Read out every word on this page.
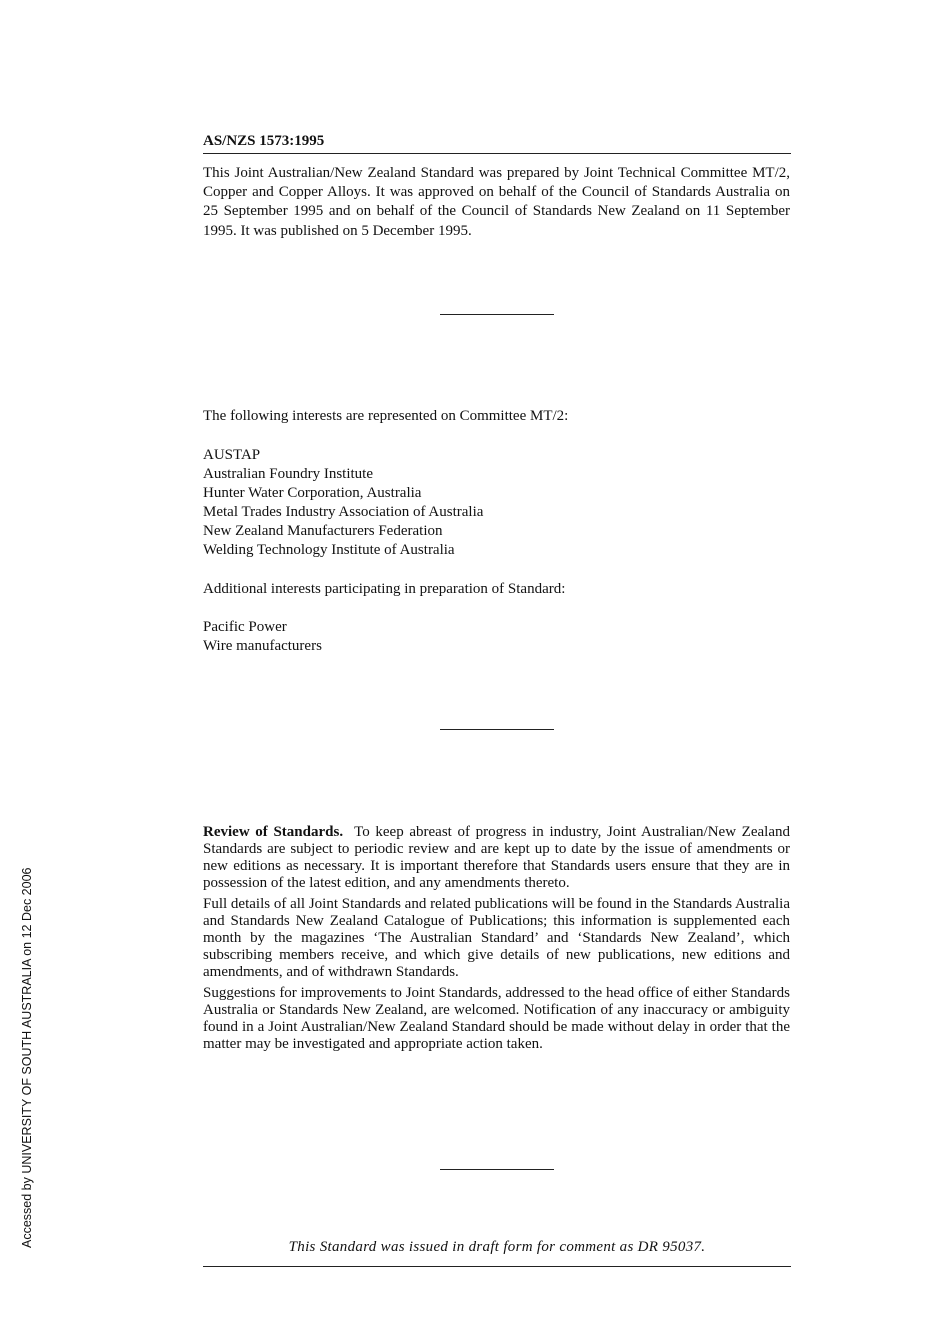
AS/NZS 1573:1995
This Joint Australian/New Zealand Standard was prepared by Joint Technical Committee MT/2, Copper and Copper Alloys. It was approved on behalf of the Council of Standards Australia on 25 September 1995 and on behalf of the Council of Standards New Zealand on 11 September 1995. It was published on 5 December 1995.
The following interests are represented on Committee MT/2:
AUSTAP
Australian Foundry Institute
Hunter Water Corporation, Australia
Metal Trades Industry Association of Australia
New Zealand Manufacturers Federation
Welding Technology Institute of Australia
Additional interests participating in preparation of Standard:
Pacific Power
Wire manufacturers

Review of Standards. To keep abreast of progress in industry, Joint Australian/New Zealand Standards are subject to periodic review and are kept up to date by the issue of amendments or new editions as necessary. It is important therefore that Standards users ensure that they are in possession of the latest edition, and any amendments thereto.

Full details of all Joint Standards and related publications will be found in the Standards Australia and Standards New Zealand Catalogue of Publications; this information is supplemented each month by the magazines ‘The Australian Standard’ and ‘Standards New Zealand’, which subscribing members receive, and which give details of new publications, new editions and amendments, and of withdrawn Standards.

Suggestions for improvements to Joint Standards, addressed to the head office of either Standards Australia or Standards New Zealand, are welcomed. Notification of any inaccuracy or ambiguity found in a Joint Australian/New Zealand Standard should be made without delay in order that the matter may be investigated and appropriate action taken.

This Standard was issued in draft form for comment as DR 95037.
Accessed by UNIVERSITY OF SOUTH AUSTRALIA on 12 Dec 2006
